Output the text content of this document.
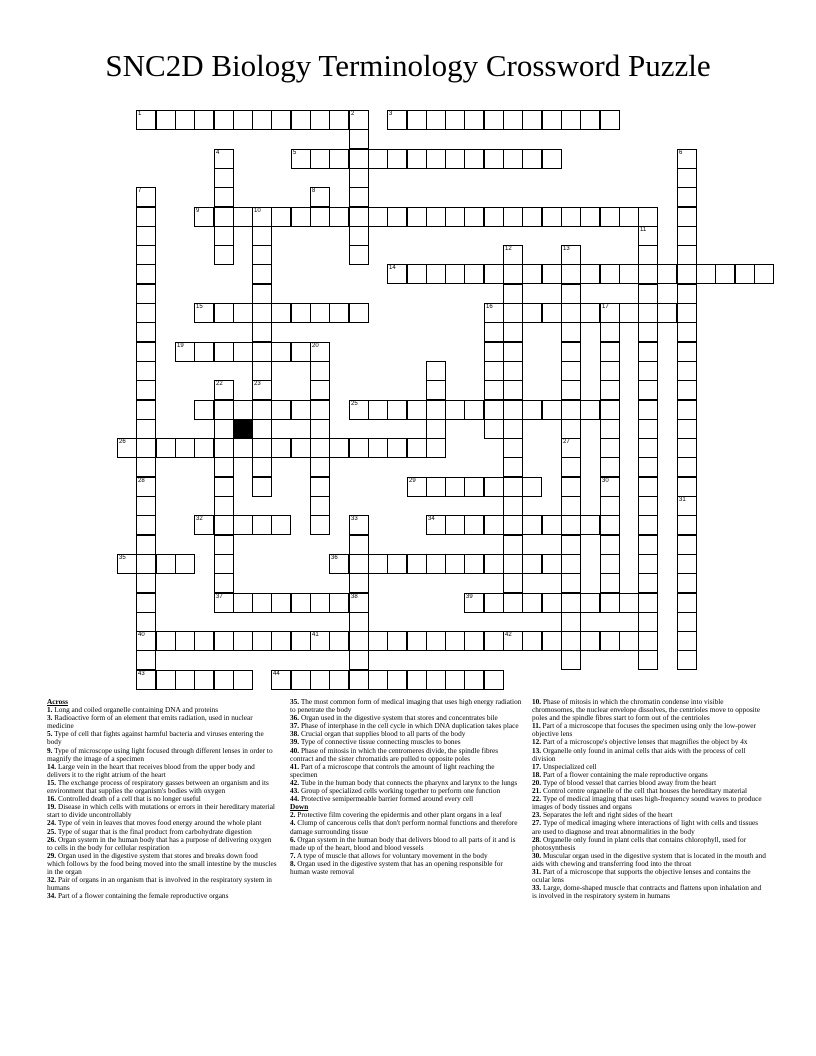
SNC2D Biology Terminology Crossword Puzzle
1	3
5
9	10
14
15	16	17
19
25
26
29
32	34
35	36
37	39
40	41	42
43	44
2
4	6
31
7
28
8
23
11
12	13
27
30
20
22
33
38
Across
1. Long and coiled organelle containing DNA and proteins
3. Radioactive form of an element that emits radiation, used in nuclear medicine
5. Type of cell that fights against harmful bacteria and viruses entering the body
9. Type of microscope using light focused through different lenses in order to magnify the image of a specimen
14. Large vein in the heart that receives blood from the upper body and delivers it to the right atrium of the heart
15. The exchange process of respiratory gasses between an organism and its environment that supplies the organism's bodies with oxygen
16. Controlled death of a cell that is no longer useful
19. Disease in which cells with mutations or errors in their hereditary material start to divide uncontrollably
24. Type of vein in leaves that moves food energy around the whole plant
25. Type of sugar that is the final product from carbohydrate digestion
26. Organ system in the human body that has a purpose of delivering oxygen to cells in the body for cellular respiration
29. Organ used in the digestive system that stores and breaks down food which follows by the food being moved into the small intestine by the muscles in the organ
32. Pair of organs in an organism that is involved in the respiratory system in humans
34. Part of a flower containing the female reproductive organs
35. The most common form of medical imaging that uses high energy radiation to penetrate the body
36. Organ used in the digestive system that stores and concentrates bile
37. Phase of interphase in the cell cycle in which DNA duplication takes place
38. Crucial organ that supplies blood to all parts of the body
39. Type of connective tissue connecting muscles to bones
40. Phase of mitosis in which the centromeres divide, the spindle fibres contract and the sister chromatids are pulled to opposite poles
41. Part of a microscope that controls the amount of light reaching the specimen
42. Tube in the human body that connects the pharynx and larynx to the lungs
43. Group of specialized cells working together to perform one function
44. Protective semipermeable barrier formed around every cell
Down
2. Protective film covering the epidermis and other plant organs in a leaf
4. Clump of cancerous cells that don't perform normal functions and therefore damage surrounding tissue
6. Organ system in the human body that delivers blood to all parts of it and is made up of the heart, blood and blood vessels
7. A type of muscle that allows for voluntary movement in the body
8. Organ used in the digestive system that has an opening responsible for human waste removal
10. Phase of mitosis in which the chromatin condense into visible chromosomes, the nuclear envelope dissolves, the centrioles move to opposite poles and the spindle fibres start to form out of the centrioles
11. Part of a microscope that focuses the specimen using only the low-power objective lens
12. Part of a microscope's objective lenses that magnifies the object by 4x
13. Organelle only found in animal cells that aids with the process of cell division
17. Unspecialized cell
18. Part of a flower containing the male reproductive organs
20. Type of blood vessel that carries blood away from the heart
21. Control centre organelle of the cell that houses the hereditary material
22. Type of medical imaging that uses high-frequency sound waves to produce images of body tissues and organs
23. Separates the left and right sides of the heart
27. Type of medical imaging where interactions of light with cells and tissues are used to diagnose and treat abnormalities in the body
28. Organelle only found in plant cells that contains chlorophyll, used for photosynthesis
30. Muscular organ used in the digestive system that is located in the mouth and aids with chewing and transferring food into the throat
31. Part of a microscope that supports the objective lenses and contains the ocular lens
33. Large, dome-shaped muscle that contracts and flattens upon inhalation and is involved in the respiratory system in humans
